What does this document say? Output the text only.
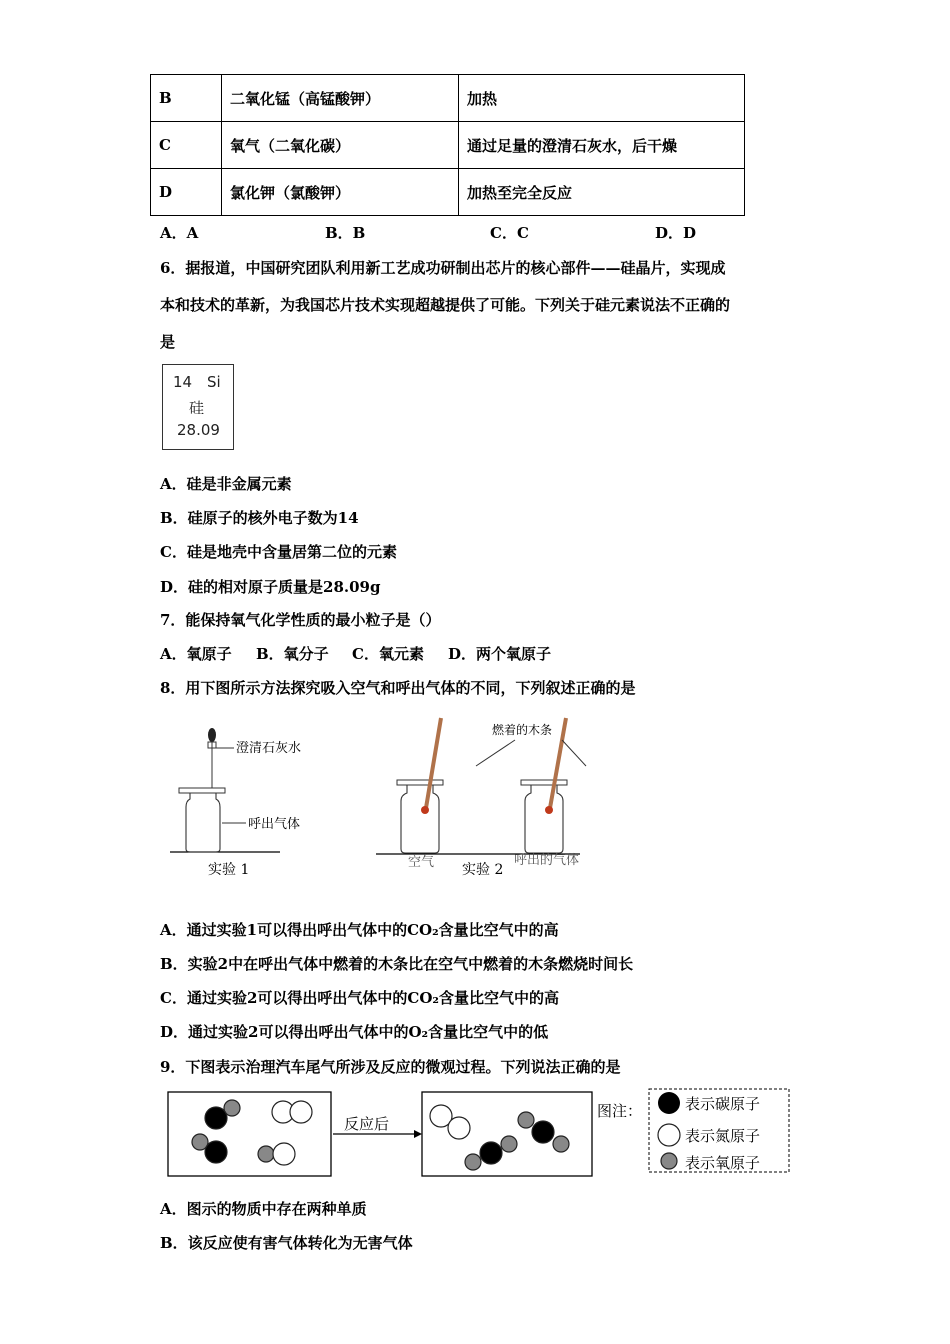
B	二氧化锰（高锰酸钾）	加热
C	氧气（二氧化碳）	通过足量的澄清石灰水，后干燥
D	氯化钾（氯酸钾）	加热至完全反应
A．A	B．B	C．C	D．D
6．据报道，中国研究团队利用新工艺成功研制出芯片的核心部件——硅晶片，实现成
本和技术的革新，为我国芯片技术实现超越提供了可能。下列关于硅元素说法不正确的
是
14 Si
硅
28.09
A．硅是非金属元素
B．硅原子的核外电子数为14
C．硅是地壳中含量居第二位的元素
D．硅的相对原子质量是28.09g
7．能保持氧气化学性质的最小粒子是（）
A．氧原子 B．氧分子 C．氧元素 D．两个氧原子
8．用下图所示方法探究吸入空气和呼出气体的不同，下列叙述正确的是
澄清石灰水
呼出气体
实验 1
燃着的木条
空气 实验 2
呼出的气体
A．通过实验1可以得出呼出气体中的CO₂含量比空气中的高
B．实验2中在呼出气体中燃着的木条比在空气中燃着的木条燃烧时间长
C．通过实验2可以得出呼出气体中的CO₂含量比空气中的高
D．通过实验2可以得出呼出气体中的O₂含量比空气中的低
9．下图表示治理汽车尾气所涉及反应的微观过程。下列说法正确的是
反应后
图注：	表示碳原子
表示氮原子
表示氧原子
A．图示的物质中存在两种单质
B．该反应使有害气体转化为无害气体
